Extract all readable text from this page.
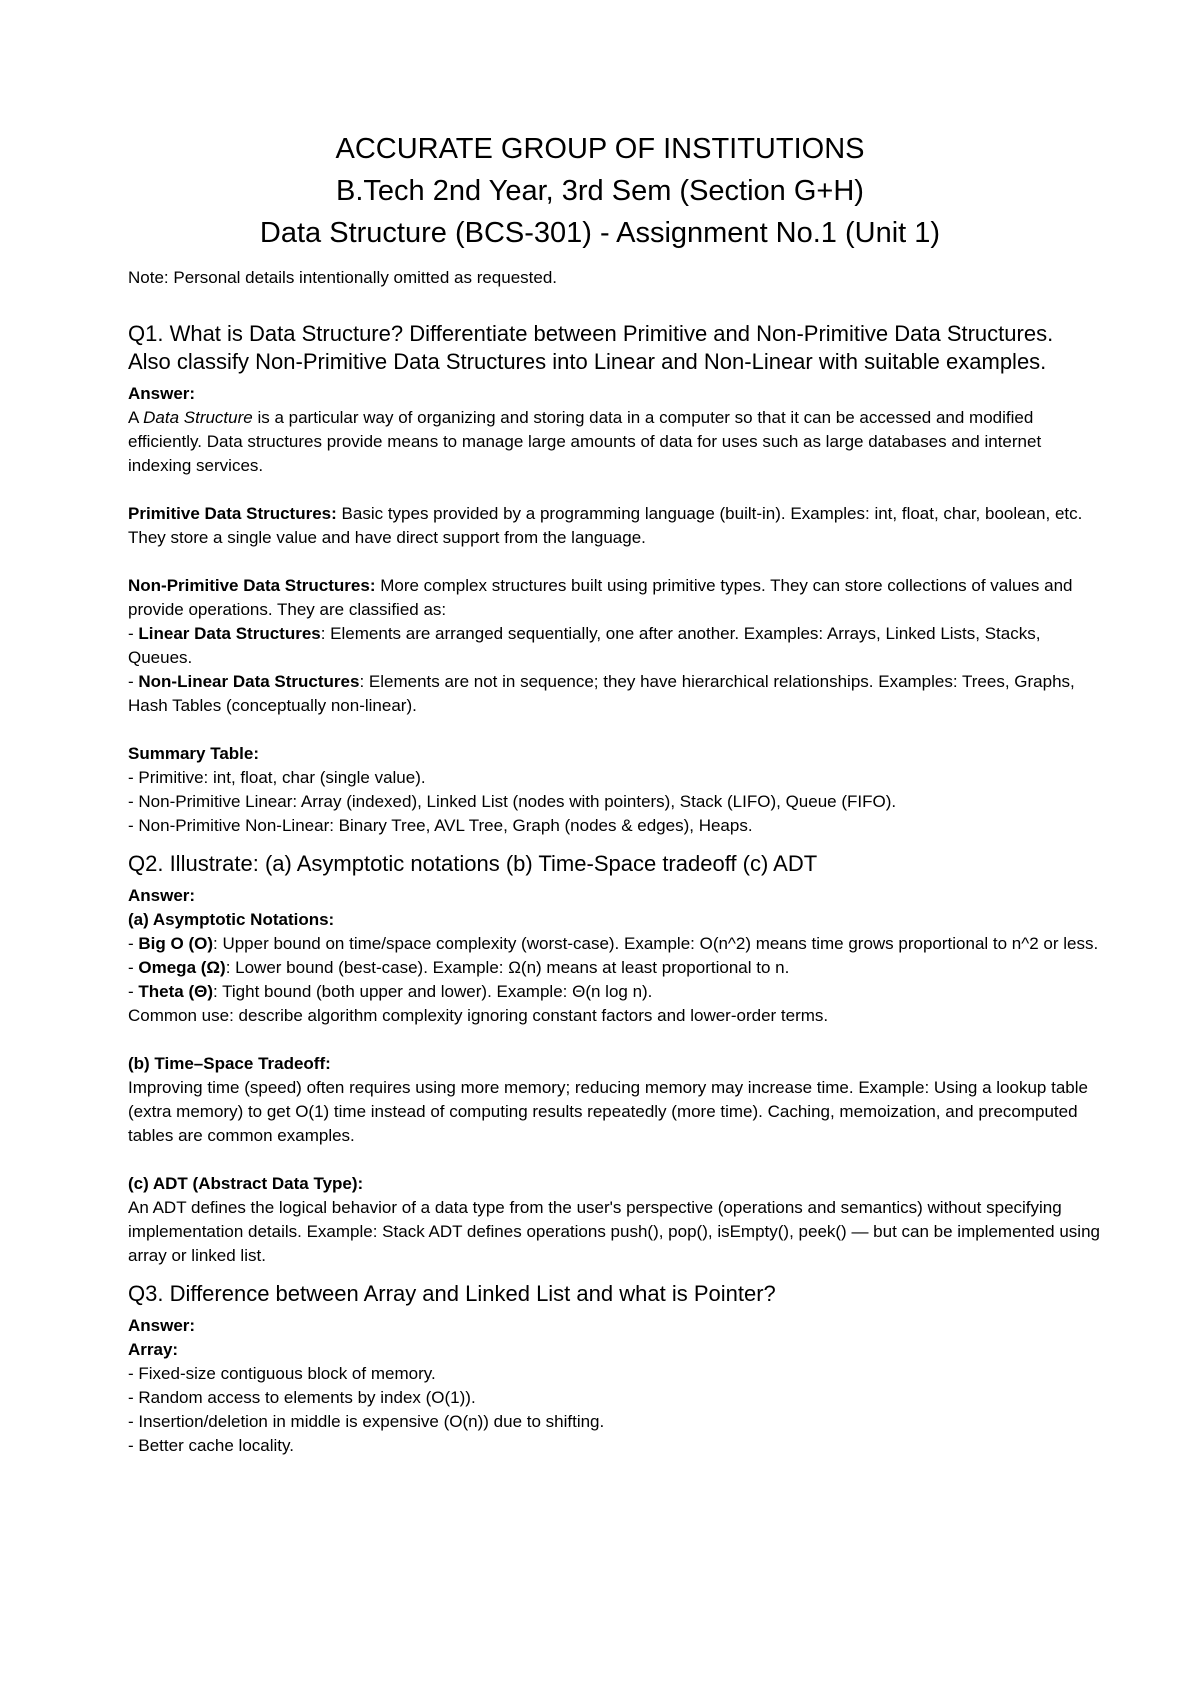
ACCURATE GROUP OF INSTITUTIONS
B.Tech 2nd Year, 3rd Sem (Section G+H)
Data Structure (BCS-301) - Assignment No.1 (Unit 1)
Note: Personal details intentionally omitted as requested.
Q1. What is Data Structure? Differentiate between Primitive and Non-Primitive Data Structures. Also classify Non-Primitive Data Structures into Linear and Non-Linear with suitable examples.
Answer:
A Data Structure is a particular way of organizing and storing data in a computer so that it can be accessed and modified efficiently. Data structures provide means to manage large amounts of data for uses such as large databases and internet indexing services.
Primitive Data Structures: Basic types provided by a programming language (built-in). Examples: int, float, char, boolean, etc. They store a single value and have direct support from the language.
Non-Primitive Data Structures: More complex structures built using primitive types. They can store collections of values and provide operations. They are classified as:
- Linear Data Structures: Elements are arranged sequentially, one after another. Examples: Arrays, Linked Lists, Stacks, Queues.
- Non-Linear Data Structures: Elements are not in sequence; they have hierarchical relationships. Examples: Trees, Graphs, Hash Tables (conceptually non-linear).
Summary Table:
- Primitive: int, float, char (single value).
- Non-Primitive Linear: Array (indexed), Linked List (nodes with pointers), Stack (LIFO), Queue (FIFO).
- Non-Primitive Non-Linear: Binary Tree, AVL Tree, Graph (nodes & edges), Heaps.
Q2. Illustrate: (a) Asymptotic notations (b) Time-Space tradeoff (c) ADT
Answer:
(a) Asymptotic Notations:
- Big O (O): Upper bound on time/space complexity (worst-case). Example: O(n^2) means time grows proportional to n^2 or less.
- Omega (Ω): Lower bound (best-case). Example: Ω(n) means at least proportional to n.
- Theta (Θ): Tight bound (both upper and lower). Example: Θ(n log n).
Common use: describe algorithm complexity ignoring constant factors and lower-order terms.
(b) Time–Space Tradeoff:
Improving time (speed) often requires using more memory; reducing memory may increase time. Example: Using a lookup table (extra memory) to get O(1) time instead of computing results repeatedly (more time). Caching, memoization, and precomputed tables are common examples.
(c) ADT (Abstract Data Type):
An ADT defines the logical behavior of a data type from the user's perspective (operations and semantics) without specifying implementation details. Example: Stack ADT defines operations push(), pop(), isEmpty(), peek() — but can be implemented using array or linked list.
Q3. Difference between Array and Linked List and what is Pointer?
Answer:
Array:
- Fixed-size contiguous block of memory.
- Random access to elements by index (O(1)).
- Insertion/deletion in middle is expensive (O(n)) due to shifting.
- Better cache locality.
